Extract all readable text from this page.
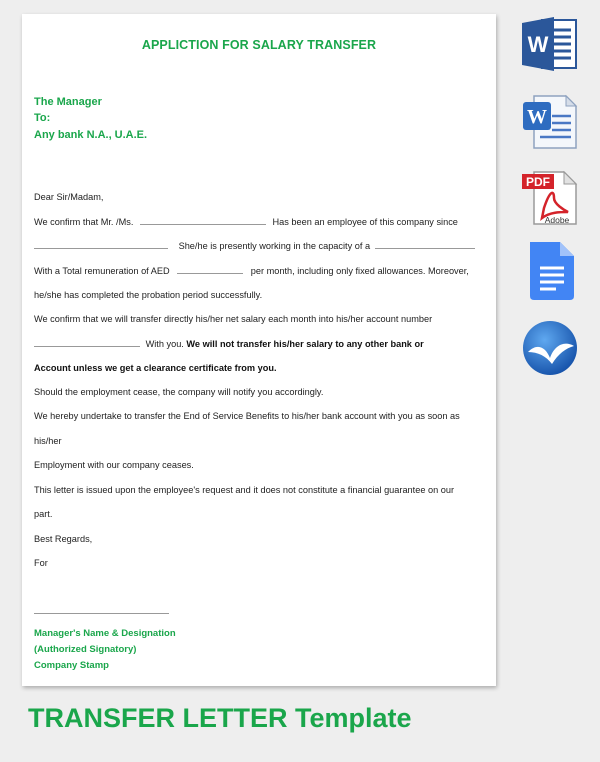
APPLICTION FOR SALARY TRANSFER
The Manager
To:
Any bank N.A., U.A.E.
Dear Sir/Madam,
We confirm that Mr. /Ms.	Has been an employee of this company since
She/he is presently working in the capacity of a
With a Total remuneration of AED	per month, including only fixed allowances. Moreover,
he/she has completed the probation period successfully.
We confirm that we will transfer directly his/her net salary each month into his/her account number
With you. We will not transfer his/her salary to any other bank or
Account unless we get a clearance certificate from you.
Should the employment cease, the company will notify you accordingly.
We hereby undertake to transfer the End of Service Benefits to his/her bank account with you as soon as
his/her
Employment with our company ceases.
This letter is issued upon the employee's request and it does not constitute a financial guarantee on our
part.
Best Regards,
For
Manager's Name & Designation
(Authorized Signatory)
Company Stamp
TRANSFER LETTER Template
W
W
PDF
Adobe
